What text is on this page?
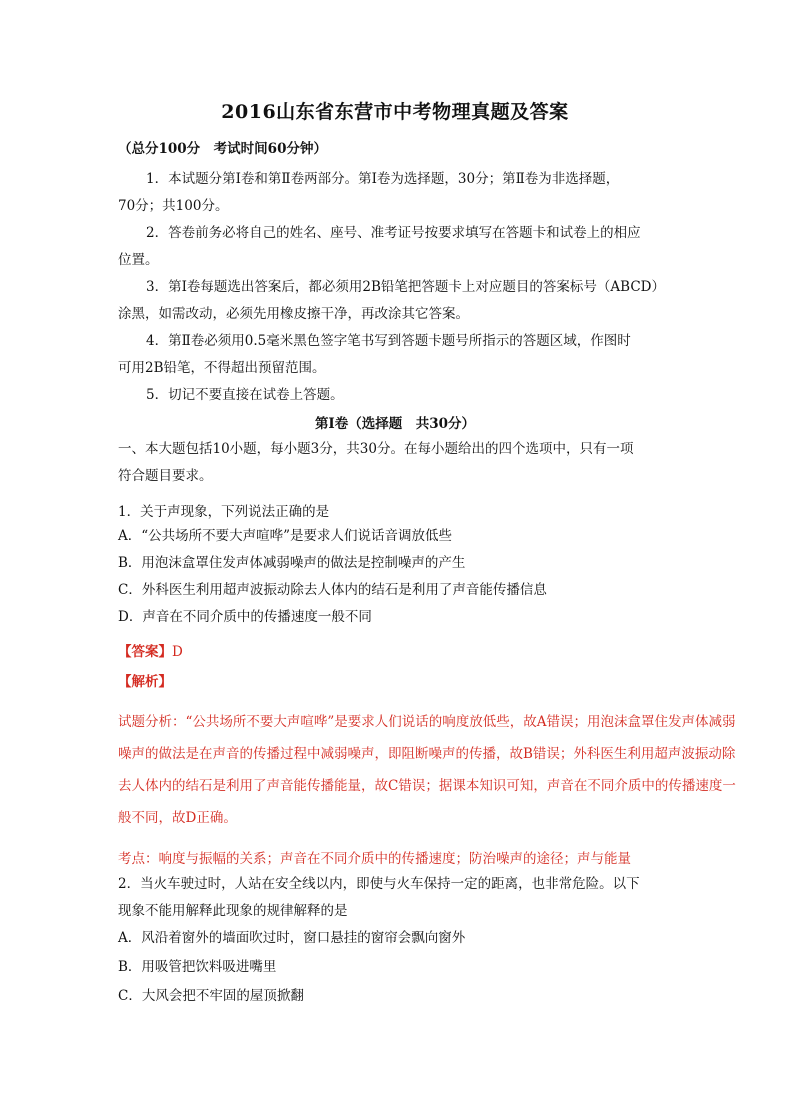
2016山东省东营市中考物理真题及答案
（总分100分　考试时间60分钟）
1．本试题分第Ⅰ卷和第Ⅱ卷两部分。第Ⅰ卷为选择题，30分；第Ⅱ卷为非选择题，
70分；共100分。
2．答卷前务必将自己的姓名、座号、准考证号按要求填写在答题卡和试卷上的相应
位置。
3．第Ⅰ卷每题选出答案后，都必须用2B铅笔把答题卡上对应题目的答案标号（ABCD）
涂黑，如需改动，必须先用橡皮擦干净，再改涂其它答案。
4．第Ⅱ卷必须用0.5毫米黑色签字笔书写到答题卡题号所指示的答题区域，作图时
可用2B铅笔，不得超出预留范围。
5．切记不要直接在试卷上答题。
第Ⅰ卷（选择题　共30分）
一、本大题包括10小题，每小题3分，共30分。在每小题给出的四个选项中，只有一项
符合题目要求。
1．关于声现象，下列说法正确的是
A．“公共场所不要大声喧哗”是要求人们说话音调放低些
B．用泡沫盒罩住发声体减弱噪声的做法是控制噪声的产生
C．外科医生利用超声波振动除去人体内的结石是利用了声音能传播信息
D．声音在不同介质中的传播速度一般不同
【答案】D
【解析】
试题分析：“公共场所不要大声喧哗”是要求人们说话的响度放低些，故A错误；用泡沫盒罩住发声体减弱
噪声的做法是在声音的传播过程中减弱噪声，即阻断噪声的传播，故B错误；外科医生利用超声波振动除
去人体内的结石是利用了声音能传播能量，故C错误；据课本知识可知，声音在不同介质中的传播速度一
般不同，故D正确。
考点：响度与振幅的关系；声音在不同介质中的传播速度；防治噪声的途径；声与能量
2．当火车驶过时，人站在安全线以内，即使与火车保持一定的距离，也非常危险。以下
现象不能用解释此现象的规律解释的是
A．风沿着窗外的墙面吹过时，窗口悬挂的窗帘会飘向窗外
B．用吸管把饮料吸进嘴里
C．大风会把不牢固的屋顶掀翻
